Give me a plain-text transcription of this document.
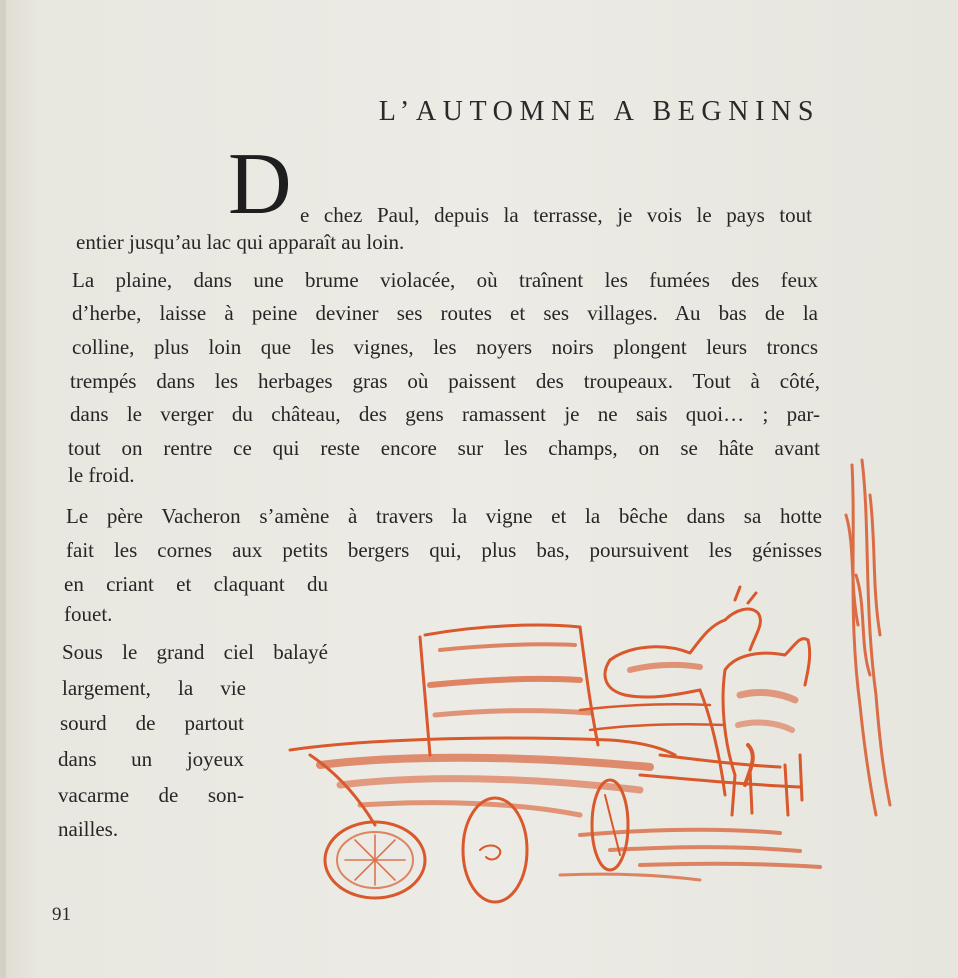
L’AUTOMNE A BEGNINS
D e chez Paul, depuis la terrasse, je vois le pays tout
entier jusqu’au lac qui apparaît au loin.
La plaine, dans une brume violacée, où traînent les fumées des feux
d’herbe, laisse à peine deviner ses routes et ses villages. Au bas de la
colline, plus loin que les vignes, les noyers noirs plongent leurs troncs
trempés dans les herbages gras où paissent des troupeaux. Tout à côté,
dans le verger du château, des gens ramassent je ne sais quoi… ; par-
tout on rentre ce qui reste encore sur les champs, on se hâte avant
le froid.
Le père Vacheron s’amène à travers la vigne et la bêche dans sa hotte
fait les cornes aux petits bergers qui, plus bas, poursuivent les génisses
en criant et claquant du
fouet.
Sous le grand ciel balayé
largement, la vie
sourd de partout
dans un joyeux
vacarme de son-
nailles.
91
